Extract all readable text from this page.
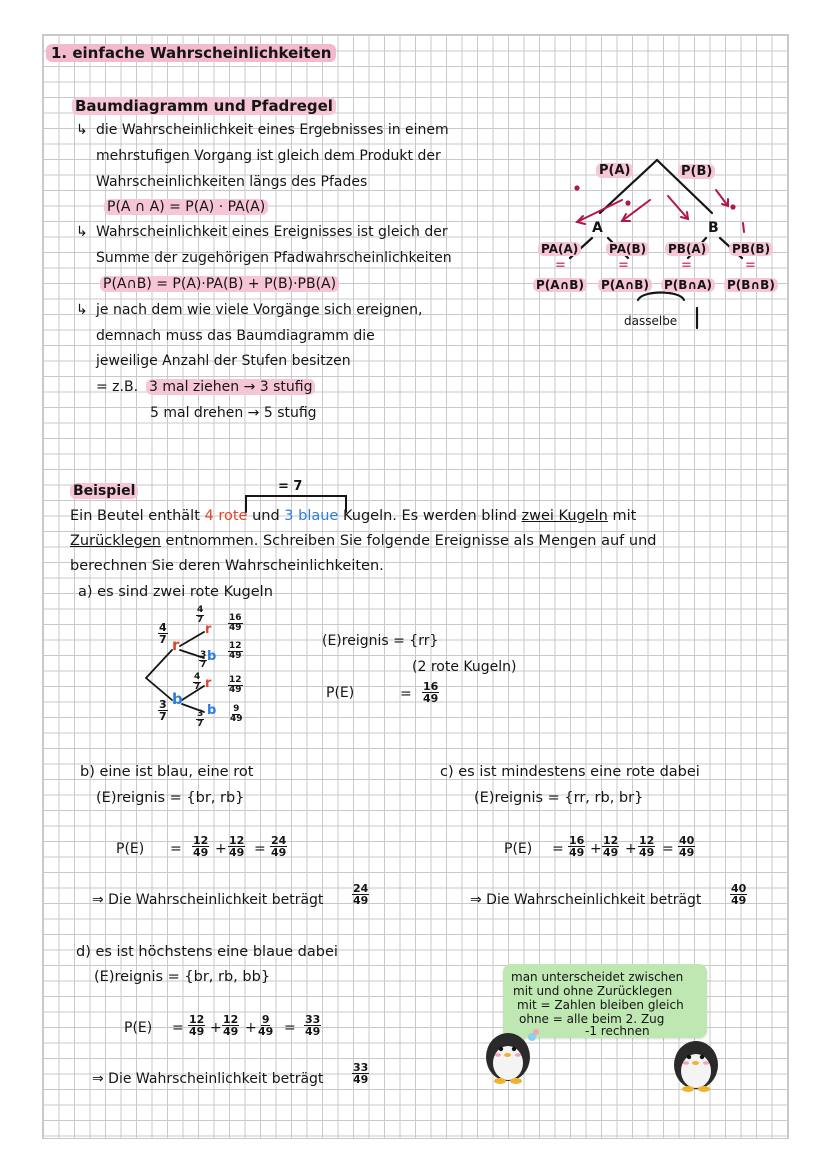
1. einfache Wahrscheinlichkeiten
Baumdiagramm und Pfadregel
↳ die Wahrscheinlichkeit eines Ergebnisses in einem
mehrstufigen Vorgang ist gleich dem Produkt der
Wahrscheinlichkeiten längs des Pfades
P(A ∩ A) = P(A) · PA(A)
↳ Wahrscheinlichkeit eines Ereignisses ist gleich der
Summe der zugehörigen Pfadwahrscheinlichkeiten
P(A∩B) = P(A)·PA(B) + P(B)·PB(A)
↳ je nach dem wie viele Vorgänge sich ereignen,
demnach muss das Baumdiagramm die
jeweilige Anzahl der Stufen besitzen
= z.B. 3 mal ziehen → 3 stufig
5 mal drehen → 5 stufig
P(A)	P(B)
A	B
PA(A)	PA(B) PB(A) PB(B)
=	=	=	=
P(A∩B) P(A∩B) P(B∩A) P(B∩B)
dasselbe
Beispiel	= 7
Ein Beutel enthält 4 rote und 3 blaue Kugeln. Es werden blind zwei Kugeln mit
Zurücklegen entnommen. Schreiben Sie folgende Ereignisse als Mengen auf und
berechnen Sie deren Wahrscheinlichkeiten.
a) es sind zwei rote Kugeln
$\frac{4}{7}$
$\frac{3}{7}$
$\frac{4}{7}$
$\frac{3}{7}$
$\frac{4}{7}$
$\frac{3}{7}$
r
b
r
b
r
b
$\frac{16}{49}$
$\frac{12}{49}$
$\frac{12}{49}$
$\frac{9}{49}$
(E)reignis = {rr}
(2 rote Kugeln)
P(E)	= $\frac{16}{49}$
b) eine ist blau, eine rot
(E)reignis = {br, rb}
$P(E) = \frac{12}{49} + \frac{12}{49} = \frac{24}{49}$
⇒ Die Wahrscheinlichkeit beträgt	$\frac{24}{49}$
c) es ist mindestens eine rote dabei
(E)reignis = {rr, rb, br}
$P(E) = \frac{16}{49} + \frac{12}{49} + \frac{12}{49} = \frac{40}{49}$
⇒ Die Wahrscheinlichkeit beträgt	$\frac{40}{49}$
d) es ist höchstens eine blaue dabei
(E)reignis = {br, rb, bb}
$P(E) = \frac{12}{49} + \frac{12}{49} + \frac{9}{49} = \frac{33}{49}$
⇒ Die Wahrscheinlichkeit beträgt	$\frac{33}{49}$
man unterscheidet zwischen
mit und ohne Zurücklegen
mit = Zahlen bleiben gleich
ohne = alle beim 2. Zug
-1 rechnen
